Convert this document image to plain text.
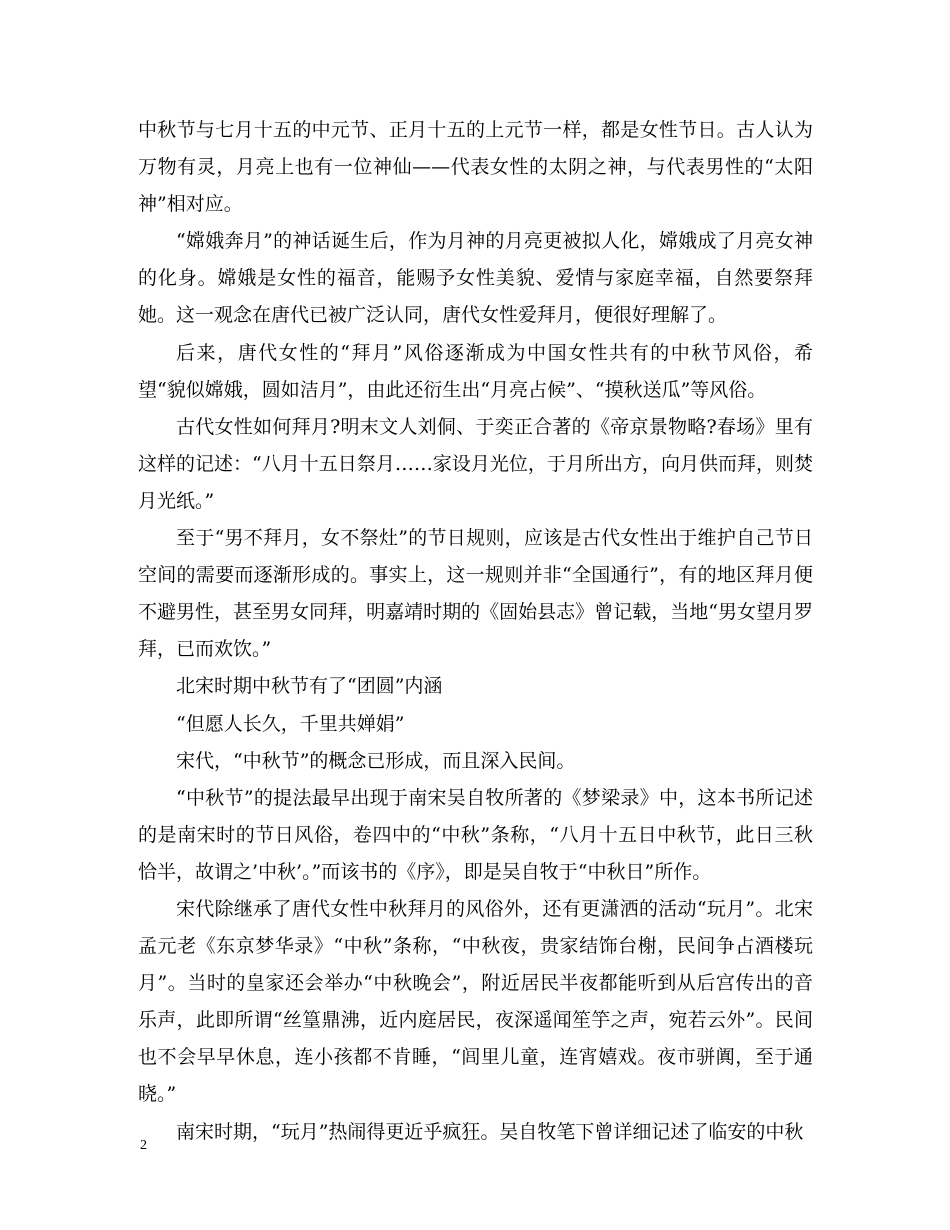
中秋节与七月十五的中元节、正月十五的上元节一样，都是女性节日。古人认为万物有灵，月亮上也有一位神仙——代表女性的太阴之神，与代表男性的“太阳神”相对应。

“嫦娥奔月”的神话诞生后，作为月神的月亮更被拟人化，嫦娥成了月亮女神的化身。嫦娥是女性的福音，能赐予女性美貌、爱情与家庭幸福，自然要祭拜她。这一观念在唐代已被广泛认同，唐代女性爱拜月，便很好理解了。

后来，唐代女性的“拜月”风俗逐渐成为中国女性共有的中秋节风俗，希望“貌似嫦娥，圆如洁月”，由此还衍生出“月亮占候”、“摸秋送瓜”等风俗。

古代女性如何拜月?明末文人刘侗、于奕正合著的《帝京景物略?春场》里有这样的记述：“八月十五日祭月……家设月光位，于月所出方，向月供而拜，则焚月光纸。”

至于“男不拜月，女不祭灶”的节日规则，应该是古代女性出于维护自己节日空间的需要而逐渐形成的。事实上，这一规则并非“全国通行”，有的地区拜月便不避男性，甚至男女同拜，明嘉靖时期的《固始县志》曾记载，当地“男女望月罗拜，已而欢饮。”

北宋时期中秋节有了“团圆”内涵

“但愿人长久，千里共婵娟”

宋代，“中秋节”的概念已形成，而且深入民间。

“中秋节”的提法最早出现于南宋吴自牧所著的《梦梁录》中，这本书所记述的是南宋时的节日风俗，卷四中的“中秋”条称，“八月十五日中秋节，此日三秋恰半，故谓之’中秋’。”而该书的《序》，即是吴自牧于“中秋日”所作。

宋代除继承了唐代女性中秋拜月的风俗外，还有更潇洒的活动“玩月”。北宋孟元老《东京梦华录》“中秋”条称，“中秋夜，贵家结饰台榭，民间争占酒楼玩月”。当时的皇家还会举办“中秋晚会”，附近居民半夜都能听到从后宫传出的音乐声，此即所谓“丝篁鼎沸，近内庭居民，夜深遥闻笙竽之声，宛若云外”。民间也不会早早休息，连小孩都不肯睡，“闾里儿童，连宵嬉戏。夜市骈阗，至于通晓。”

南宋时期，“玩月”热闹得更近乎疯狂。吴自牧笔下曾详细记述了临安的中秋

2
